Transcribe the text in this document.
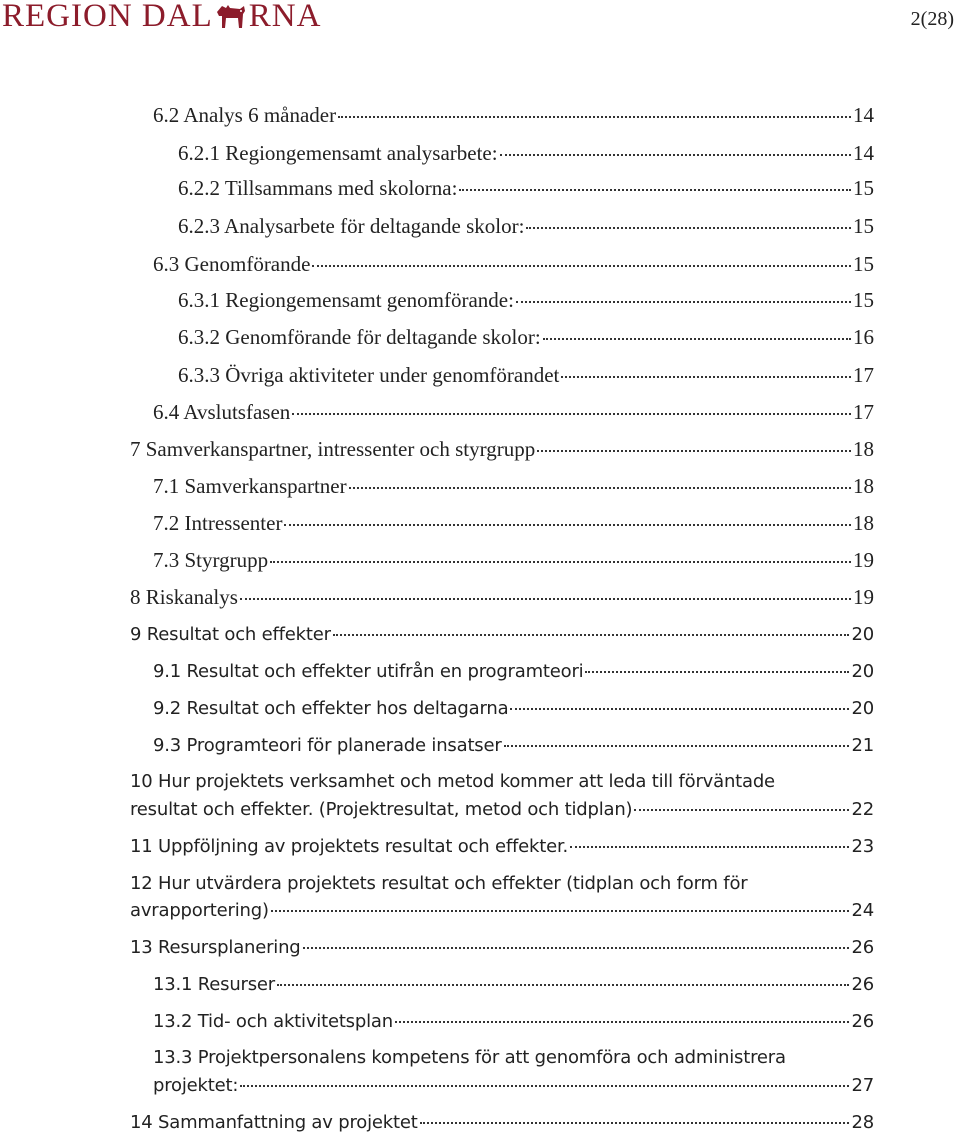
REGION DAL RNA	2(28)
6.2 Analys 6 månader	14
6.2.1 Regiongemensamt analysarbete:	14
6.2.2 Tillsammans med skolorna:	15
6.2.3 Analysarbete för deltagande skolor:	15
6.3 Genomförande	15
6.3.1 Regiongemensamt genomförande:	15
6.3.2 Genomförande för deltagande skolor:	16
6.3.3 Övriga aktiviteter under genomförandet	17
6.4 Avslutsfasen	17
7 Samverkanspartner, intressenter och styrgrupp	18
7.1 Samverkanspartner	18
7.2 Intressenter	18
7.3 Styrgrupp	19
8 Riskanalys	19
9 Resultat och effekter	20
9.1 Resultat och effekter utifrån en programteori	20
9.2 Resultat och effekter hos deltagarna	20
9.3 Programteori för planerade insatser	21
10 Hur projektets verksamhet och metod kommer att leda till förväntade
resultat och effekter. (Projektresultat, metod och tidplan)	22
11 Uppföljning av projektets resultat och effekter.	23
12 Hur utvärdera projektets resultat och effekter (tidplan och form för
avrapportering)	24
13 Resursplanering	26
13.1 Resurser	26
13.2 Tid- och aktivitetsplan	26
13.3 Projektpersonalens kompetens för att genomföra och administrera
projektet:	27
14 Sammanfattning av projektet	28
